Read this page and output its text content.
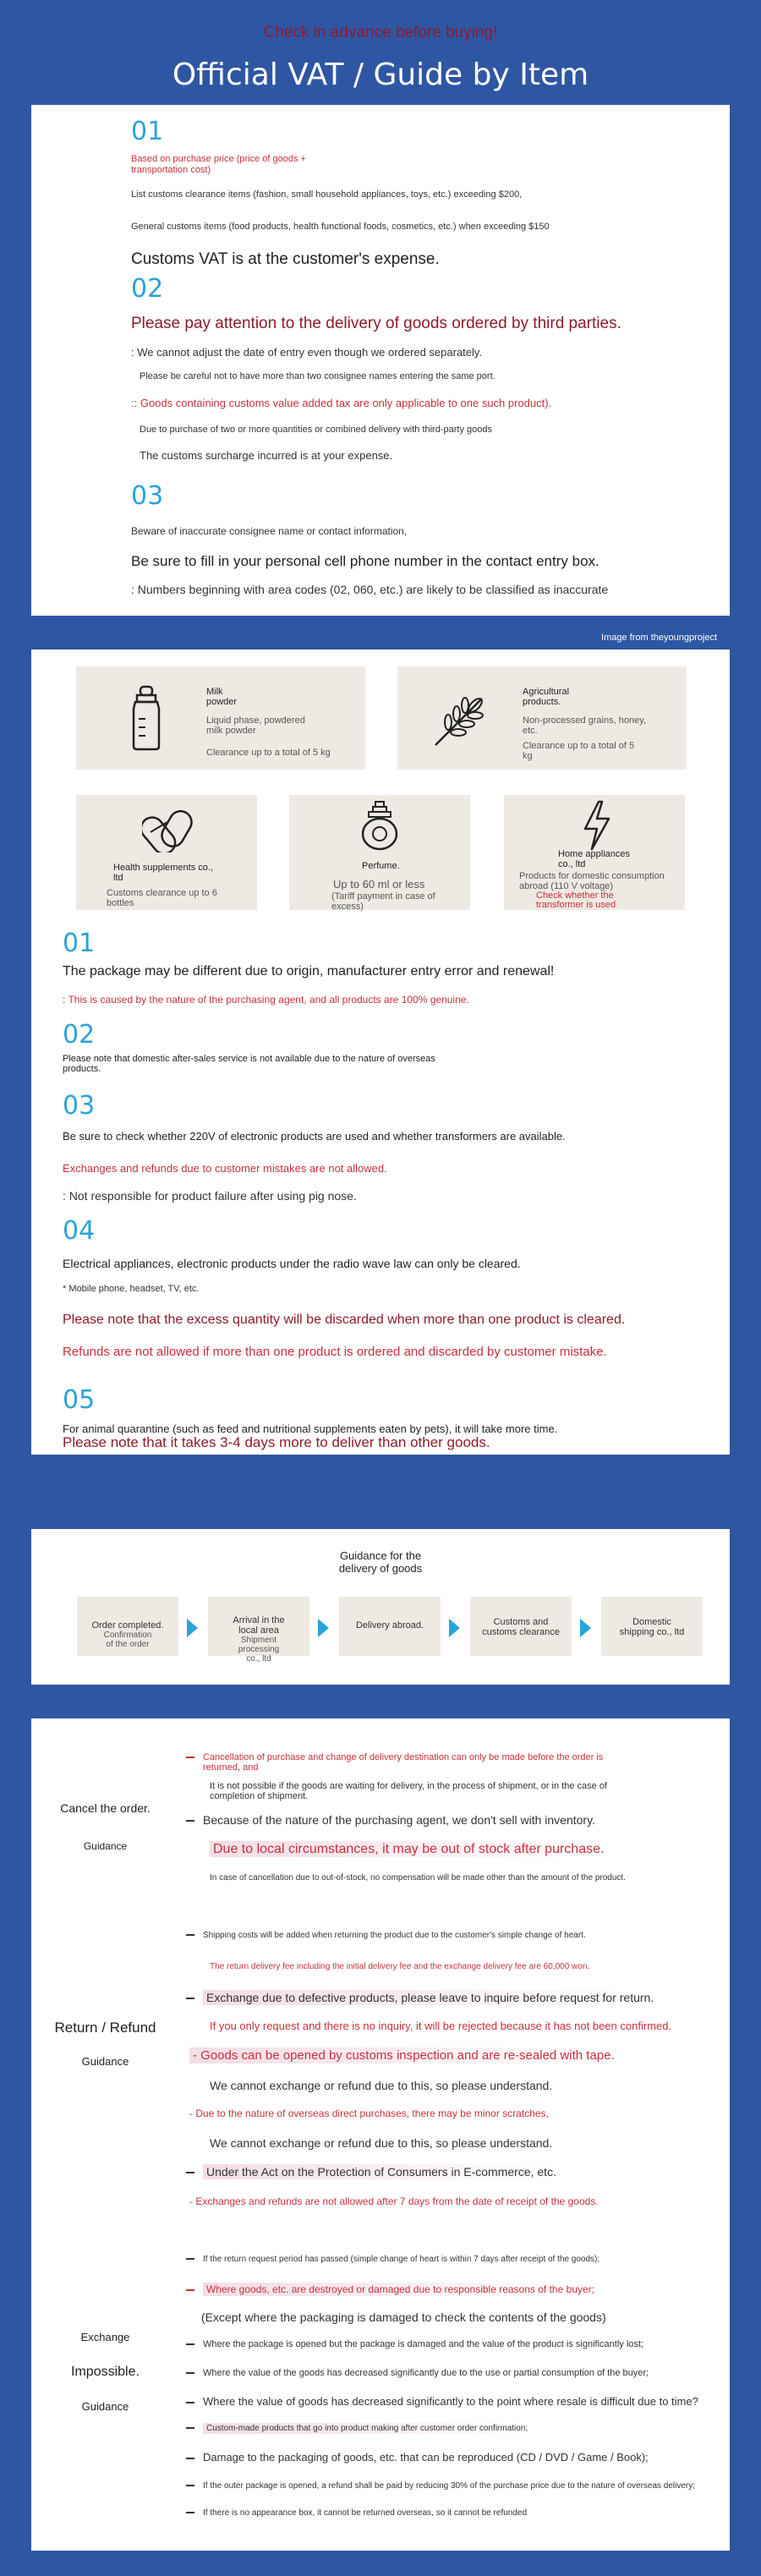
Check in advance before buying!
Official VAT / Guide by Item
01
Based on purchase price (price of goods +
transportation cost)
List customs clearance items (fashion, small household appliances, toys, etc.) exceeding $200,
General customs items (food products, health functional foods, cosmetics, etc.) when exceeding $150
Customs VAT is at the customer's expense.
02
Please pay attention to the delivery of goods ordered by third parties.
: We cannot adjust the date of entry even though we ordered separately.
Please be careful not to have more than two consignee names entering the same port.
:: Goods containing customs value added tax are only applicable to one such product).
Due to purchase of two or more quantities or combined delivery with third-party goods
The customs surcharge incurred is at your expense.
03
Beware of inaccurate consignee name or contact information,
Be sure to fill in your personal cell phone number in the contact entry box.
: Numbers beginning with area codes (02, 060, etc.) are likely to be classified as inaccurate
Image from theyoungproject
Milk
powder
Liquid phase, powdered
milk powder
Clearance up to a total of 5 kg
Agricultural
products.
Non-processed grains, honey,
etc.
Clearance up to a total of 5
kg
Health supplements co.,
ltd
Customs clearance up to 6
bottles
Perfume.
Up to 60 ml or less
(Tariff payment in case of
excess)
Home appliances
co., ltd
Products for domestic consumption
abroad (110 V voltage)
Check whether the
transformer is used
01
The package may be different due to origin, manufacturer entry error and renewal!
: This is caused by the nature of the purchasing agent, and all products are 100% genuine.
02
Please note that domestic after-sales service is not available due to the nature of overseas
products.
03
Be sure to check whether 220V of electronic products are used and whether transformers are available.
Exchanges and refunds due to customer mistakes are not allowed.
: Not responsible for product failure after using pig nose.
04
Electrical appliances, electronic products under the radio wave law can only be cleared.
* Mobile phone, headset, TV, etc.
Please note that the excess quantity will be discarded when more than one product is cleared.
Refunds are not allowed if more than one product is ordered and discarded by customer mistake.
05
For animal quarantine (such as feed and nutritional supplements eaten by pets), it will take more time.
Please note that it takes 3-4 days more to deliver than other goods.
Guidance for the
delivery of goods
Order completed.
Confirmation
of the order
Arrival in the
local area
Shipment
processing
co., ltd
Delivery abroad.	Customs and
customs clearance
Domestic
shipping co., ltd
Cancel the order.
Guidance
Cancellation of purchase and change of delivery destination can only be made before the order is
returned, and
It is not possible if the goods are waiting for delivery, in the process of shipment, or in the case of
completion of shipment.
Because of the nature of the purchasing agent, we don't sell with inventory.
Due to local circumstances, it may be out of stock after purchase.
In case of cancellation due to out-of-stock, no compensation will be made other than the amount of the product.
Return / Refund
Guidance
Shipping costs will be added when returning the product due to the customer's simple change of heart.
The return delivery fee including the initial delivery fee and the exchange delivery fee are 60,000 won.
Exchange due to defective products, please leave to inquire before request for return.
If you only request and there is no inquiry, it will be rejected because it has not been confirmed.
- Goods can be opened by customs inspection and are re-sealed with tape.
We cannot exchange or refund due to this, so please understand.
- Due to the nature of overseas direct purchases, there may be minor scratches,
We cannot exchange or refund due to this, so please understand.
Under the Act on the Protection of Consumers in E-commerce, etc.
- Exchanges and refunds are not allowed after 7 days from the date of receipt of the goods.
Exchange
Impossible.
Guidance
If the return request period has passed (simple change of heart is within 7 days after receipt of the goods);
Where goods, etc. are destroyed or damaged due to responsible reasons of the buyer;
(Except where the packaging is damaged to check the contents of the goods)
Where the package is opened but the package is damaged and the value of the product is significantly lost;
Where the value of the goods has decreased significantly due to the use or partial consumption of the buyer;
Where the value of goods has decreased significantly to the point where resale is difficult due to time?
Custom-made products that go into product making after customer order confirmation;
Damage to the packaging of goods, etc. that can be reproduced (CD / DVD / Game / Book);
If the outer package is opened, a refund shall be paid by reducing 30% of the purchase price due to the nature of overseas delivery;
If there is no appearance box, it cannot be returned overseas, so it cannot be refunded
